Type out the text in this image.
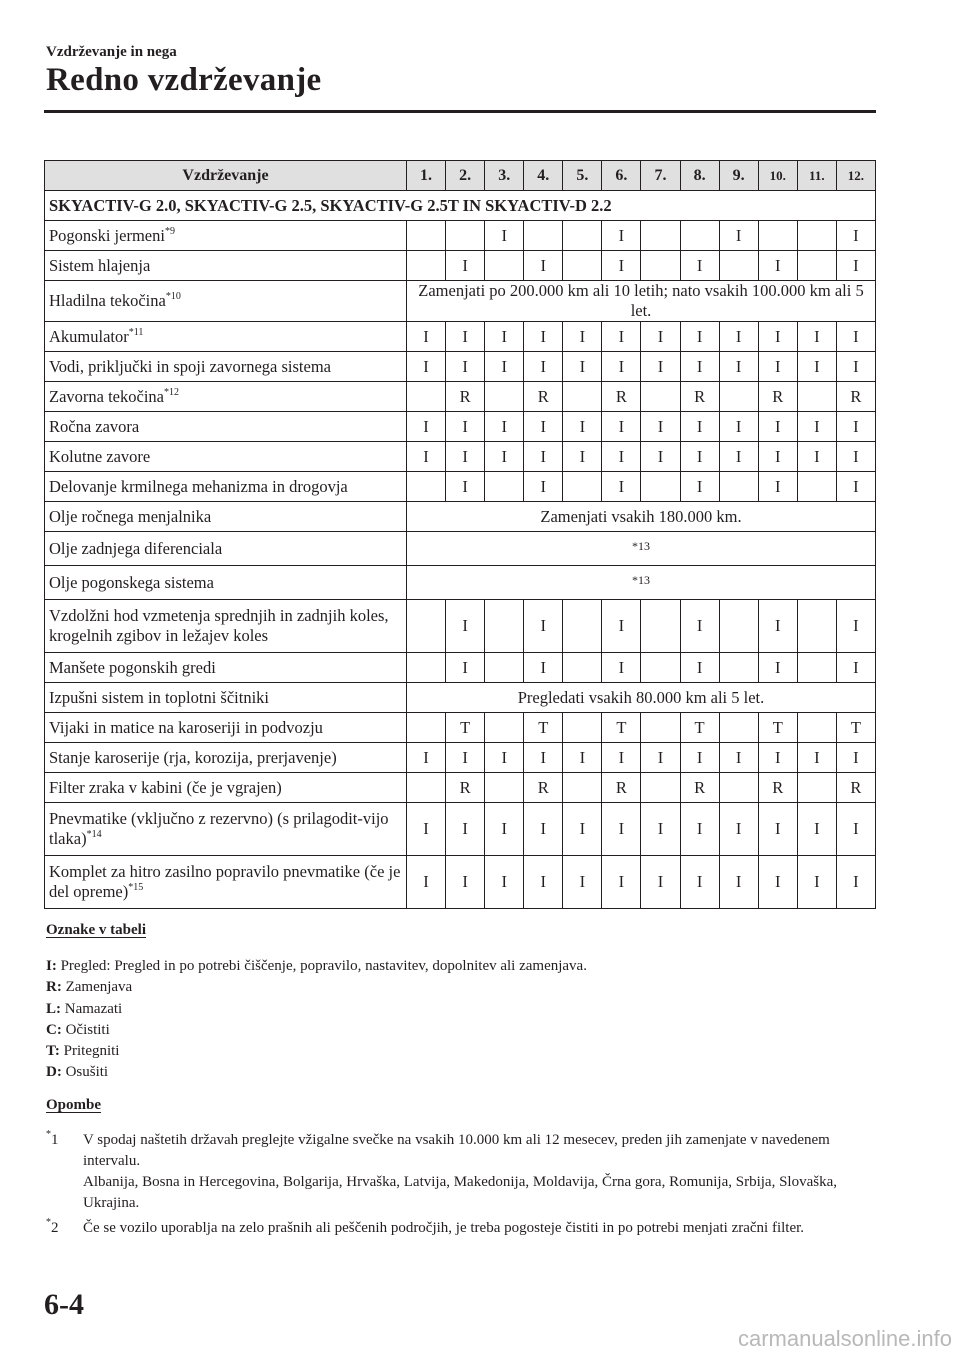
Vzdrževanje in nega
Redno vzdrževanje
Vzdrževanje	1.	2.	3.	4.	5.	6.	7.	8.	9.	10.	11.	12.
SKYACTIV-G 2.0, SKYACTIV-G 2.5, SKYACTIV-G 2.5T IN SKYACTIV-D 2.2												
Pogonski jermeni$^{*9}$			I			I			I			I
Sistem hlajenja		I		I		I		I		I		I
Hladilna tekočina$^{*10}$	Zamenjati po 200.000 km ali 10 letih; nato vsakih 100.000 km ali 5 let.											
Akumulator$^{*11}$	I	I	I	I	I	I	I	I	I	I	I	I
Vodi, priključki in spoji zavornega sistema	I	I	I	I	I	I	I	I	I	I	I	I
Zavorna tekočina$^{*12}$		R		R		R		R		R		R
Ročna zavora	I	I	I	I	I	I	I	I	I	I	I	I
Kolutne zavore	I	I	I	I	I	I	I	I	I	I	I	I
Delovanje krmilnega mehanizma in drogovja		I		I		I		I		I		I
Olje ročnega menjalnika	Zamenjati vsakih 180.000 km.											
Olje zadnjega diferenciala	*13											
Olje pogonskega sistema	*13											
Vzdolžni hod vzmetenja sprednjih in zadnjih koles, krogelnih zgibov in ležajev koles		I		I		I		I		I		I
Manšete pogonskih gredi		I		I		I		I		I		I
Izpušni sistem in toplotni ščitniki	Pregledati vsakih 80.000 km ali 5 let.											
Vijaki in matice na karoseriji in podvozju		T		T		T		T		T		T
Stanje karoserije (rja, korozija, prerjavenje)	I	I	I	I	I	I	I	I	I	I	I	I
Filter zraka v kabini (če je vgrajen)		R		R		R		R		R		R
Pnevmatike (vključno z rezervno) (s prilagodit-vijo tlaka)$^{*14}$	I	I	I	I	I	I	I	I	I	I	I	I
Komplet za hitro zasilno popravilo pnevmatike (če je del opreme)$^{*15}$	I	I	I	I	I	I	I	I	I	I	I	I
Oznake v tabeli
I: Pregled: Pregled in po potrebi čiščenje, popravilo, nastavitev, dopolnitev ali zamenjava.
R: Zamenjava
L: Namazati
C: Očistiti
T: Pritegniti
D: Osušiti
Opombe
*1 V spodaj naštetih državah preglejte vžigalne svečke na vsakih 10.000 km ali 12 mesecev, preden jih zamenjate v navedenem intervalu.
Albanija, Bosna in Hercegovina, Bolgarija, Hrvaška, Latvija, Makedonija, Moldavija, Črna gora, Romunija, Srbija, Slovaška, Ukrajina.
*2 Če se vozilo uporablja na zelo prašnih ali peščenih področjih, je treba pogosteje čistiti in po potrebi menjati zračni filter.
6-4
carmanualsonline.info
